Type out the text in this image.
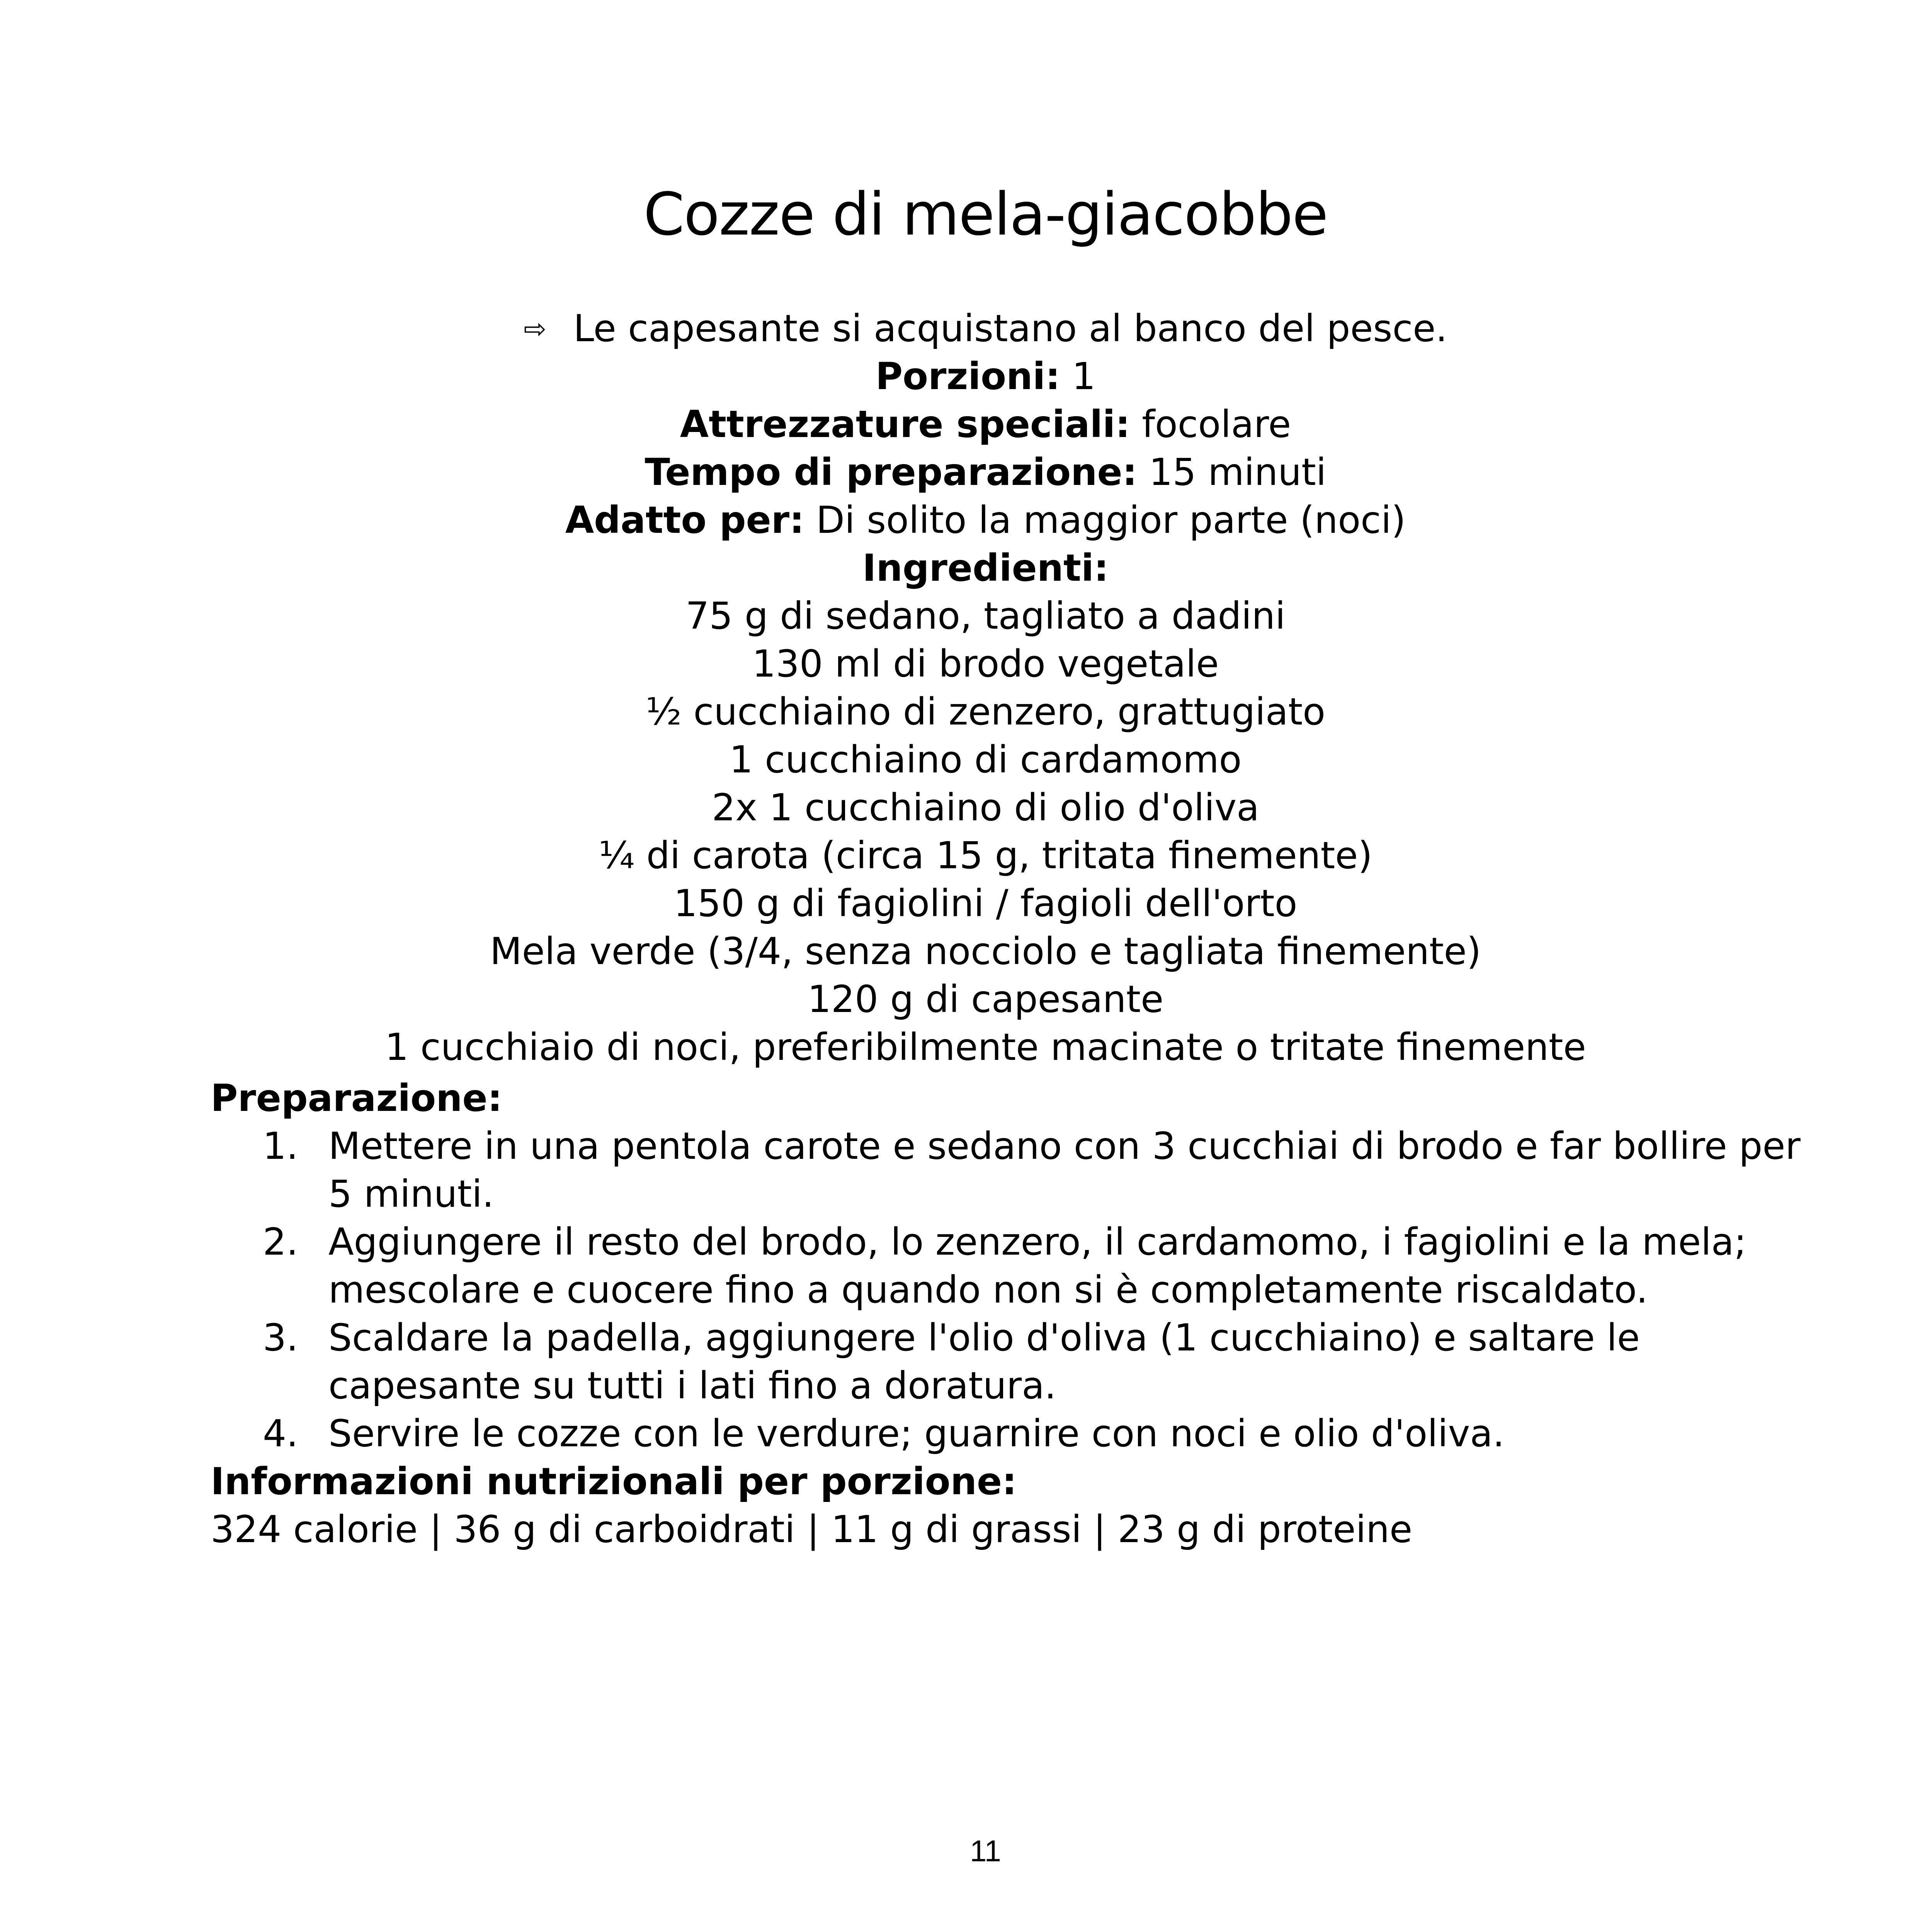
Cozze di mela-giacobbe
⇨ Le capesante si acquistano al banco del pesce.
Porzioni: 1
Attrezzature speciali: focolare
Tempo di preparazione: 15 minuti
Adatto per: Di solito la maggior parte (noci)
Ingredienti:
75 g di sedano, tagliato a dadini
130 ml di brodo vegetale
½ cucchiaino di zenzero, grattugiato
1 cucchiaino di cardamomo
2x 1 cucchiaino di olio d'oliva
¼ di carota (circa 15 g, tritata finemente)
150 g di fagiolini / fagioli dell'orto
Mela verde (3/4, senza nocciolo e tagliata finemente)
120 g di capesante
1 cucchiaio di noci, preferibilmente macinate o tritate finemente
Preparazione:
1. Mettere in una pentola carote e sedano con 3 cucchiai di brodo e far bollire per 5 minuti.
2. Aggiungere il resto del brodo, lo zenzero, il cardamomo, i fagiolini e la mela; mescolare e cuocere fino a quando non si è completamente riscaldato.
3. Scaldare la padella, aggiungere l'olio d'oliva (1 cucchiaino) e saltare le capesante su tutti i lati fino a doratura.
4. Servire le cozze con le verdure; guarnire con noci e olio d'oliva.
Informazioni nutrizionali per porzione:
324 calorie | 36 g di carboidrati | 11 g di grassi | 23 g di proteine
11
